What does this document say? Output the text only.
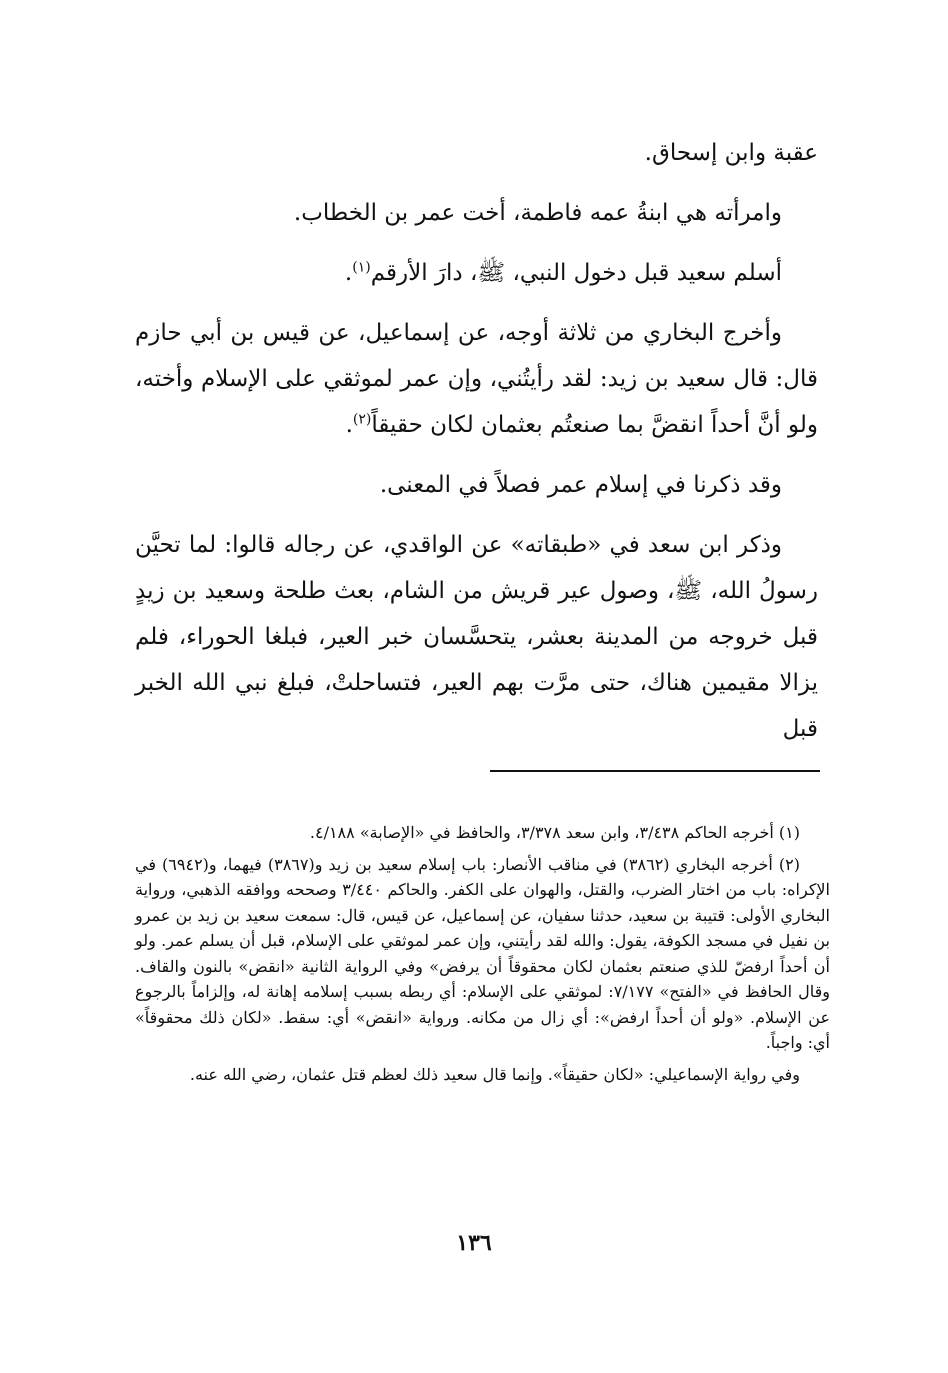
عقبة وابن إسحاق.

وامرأته هي ابنةُ عمه فاطمة، أخت عمر بن الخطاب.

أسلم سعيد قبل دخول النبي، ﷺ، دارَ الأرقم$^{(١)}$.

وأخرج البخاري من ثلاثة أوجه، عن إسماعيل، عن قيس بن أبي حازم قال: قال سعيد بن زيد: لقد رأيتُني، وإن عمر لموثقي على الإسلام وأخته، ولو أنَّ أحداً انقضَّ بما صنعتُم بعثمان لكان حقيقاً$^{(٢)}$.

وقد ذكرنا في إسلام عمر فصلاً في المعنى.

وذكر ابن سعد في «طبقاته» عن الواقدي، عن رجاله قالوا: لما تحيَّن رسولُ الله، ﷺ، وصول عير قريش من الشام، بعث طلحة وسعيد بن زيدٍ قبل خروجه من المدينة بعشر، يتحسَّسان خبر العير، فبلغا الحوراء، فلم يزالا مقيمين هناك، حتى مرَّت بهم العير، فتساحلتْ، فبلغ نبي الله الخبر قبل

(١) أخرجه الحاكم ٣/٤٣٨، وابن سعد ٣/٣٧٨، والحافظ في «الإصابة» ٤/١٨٨.

(٢) أخرجه البخاري (٣٨٦٢) في مناقب الأنصار: باب إسلام سعيد بن زيد و(٣٨٦٧) فيهما، و(٦٩٤٢) في الإكراه: باب من اختار الضرب، والقتل، والهوان على الكفر. والحاكم ٣/٤٤٠ وصححه ووافقه الذهبي، ورواية البخاري الأولى: قتيبة بن سعيد، حدثنا سفيان، عن إسماعيل، عن قيس، قال: سمعت سعيد بن زيد بن عمرو بن نفيل في مسجد الكوفة، يقول: والله لقد رأيتني، وإن عمر لموثقي على الإسلام، قبل أن يسلم عمر. ولو أن أحداً ارفضّ للذي صنعتم بعثمان لكان محقوقاً أن يرفض» وفي الرواية الثانية «انقض» بالنون والقاف. وقال الحافظ في «الفتح» ٧/١٧٧: لموثقي على الإسلام: أي ربطه بسبب إسلامه إهانة له، وإلزاماً بالرجوع عن الإسلام. «ولو أن أحداً ارفض»: أي زال من مكانه. ورواية «انقض» أي: سقط. «لكان ذلك محقوقاً» أي: واجباً.

وفي رواية الإسماعيلي: «لكان حقيقاً». وإنما قال سعيد ذلك لعظم قتل عثمان، رضي الله عنه.

١٣٦
